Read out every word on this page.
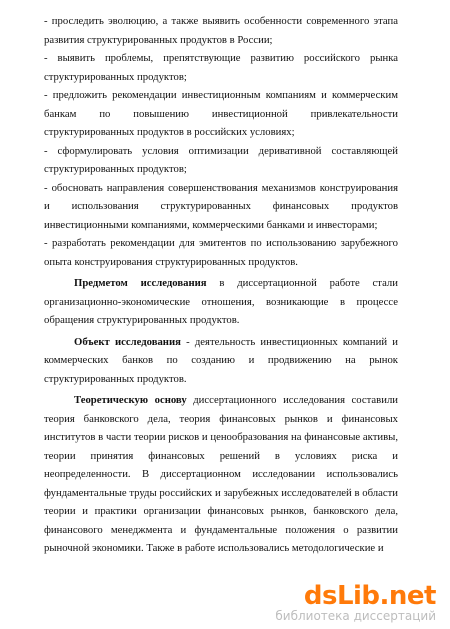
- проследить эволюцию, а также выявить особенности современного этапа развития структурированных продуктов в России;

- выявить проблемы, препятствующие развитию российского рынка структурированных продуктов;

- предложить рекомендации инвестиционным компаниям и коммерческим банкам по повышению инвестиционной привлекательности структурированных продуктов в российских условиях;

- сформулировать условия оптимизации деривативной составляющей структурированных продуктов;

- обосновать направления совершенствования механизмов конструирования и использования структурированных финансовых продуктов инвестиционными компаниями, коммерческими банками и инвесторами;

- разработать рекомендации для эмитентов по использованию зарубежного опыта конструирования структурированных продуктов.

Предметом исследования в диссертационной работе стали организационно-экономические отношения, возникающие в процессе обращения структурированных продуктов.

Объект исследования - деятельность инвестиционных компаний и коммерческих банков по созданию и продвижению на рынок структурированных продуктов.

Теоретическую основу диссертационного исследования составили теория банковского дела, теория финансовых рынков и финансовых институтов в части теории рисков и ценообразования на финансовые активы, теории принятия финансовых решений в условиях риска и неопределенности. В диссертационном исследовании использовались фундаментальные труды российских и зарубежных исследователей в области теории и практики организации финансовых рынков, банковского дела, финансового менеджмента и фундаментальные положения о развитии рыночной экономики. Также в работе использовались методологические и

dsLib.net
библиотека диссертаций
